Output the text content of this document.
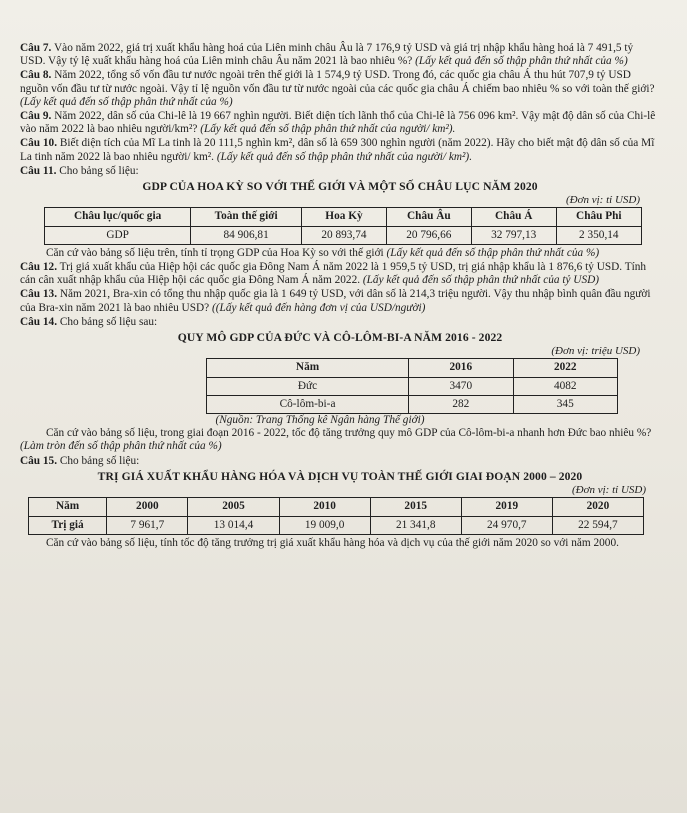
Câu 7. Vào năm 2022, giá trị xuất khẩu hàng hoá của Liên minh châu Âu là 7 176,9 tỷ USD và giá trị nhập khẩu hàng hoá là 7 491,5 tỷ USD. Vậy tỷ lệ xuất khẩu hàng hoá của Liên minh châu Âu năm 2021 là bao nhiêu %? (Lấy kết quả đến số thập phân thứ nhất của %)

Câu 8. Năm 2022, tổng số vốn đầu tư nước ngoài trên thế giới là 1 574,9 tỷ USD. Trong đó, các quốc gia châu Á thu hút 707,9 tỷ USD nguồn vốn đầu tư từ nước ngoài. Vậy tỉ lệ nguồn vốn đầu tư từ nước ngoài của các quốc gia châu Á chiếm bao nhiêu % so với toàn thế giới?
(Lấy kết quả đến số thập phân thứ nhất của %)

Câu 9. Năm 2022, dân số của Chi-lê là 19 667 nghìn người. Biết diện tích lãnh thổ của Chi-lê là 756 096 km². Vậy mật độ dân số của Chi-lê vào năm 2022 là bao nhiêu người/km²? (Lấy kết quả đến số thập phân thứ nhất của người/ km²).

Câu 10. Biết diện tích của Mĩ La tinh là 20 111,5 nghìn km², dân số là 659 300 nghìn người (năm 2022). Hãy cho biết mật độ dân số của Mĩ La tinh năm 2022 là bao nhiêu người/ km². (Lấy kết quả đến số thập phân thứ nhất của người/ km²).

Câu 11. Cho bảng số liệu:

GDP CỦA HOA KỲ SO VỚI THẾ GIỚI VÀ MỘT SỐ CHÂU LỤC NĂM 2020
(Đơn vị: tỉ USD)
Châu lục/quốc gia	Toàn thế giới	Hoa Kỳ	Châu Âu	Châu Á	Châu Phi
GDP	84 906,81	20 893,74	20 796,66	32 797,13	2 350,14

Căn cứ vào bảng số liệu trên, tính tỉ trọng GDP của Hoa Kỳ so với thế giới (Lấy kết quả đến số thập phân thứ nhất của %)

Câu 12. Trị giá xuất khẩu của Hiệp hội các quốc gia Đông Nam Á năm 2022 là 1 959,5 tỷ USD, trị giá nhập khẩu là 1 876,6 tỷ USD. Tính cán cân xuất nhập khẩu của Hiệp hội các quốc gia Đông Nam Á năm 2022. (Lấy kết quả đến số thập phân thứ nhất của tỷ USD)

Câu 13. Năm 2021, Bra-xin có tổng thu nhập quốc gia là 1 649 tỷ USD, với dân số là 214,3 triệu người. Vậy thu nhập bình quân đầu người của Bra-xin năm 2021 là bao nhiêu USD? ((Lấy kết quả đến hàng đơn vị của USD/người)

Câu 14. Cho bảng số liệu sau:

QUY MÔ GDP CỦA ĐỨC VÀ CÔ-LÔM-BI-A NĂM 2016 - 2022
(Đơn vị: triệu USD)
Năm	2016	2022
Đức	3470	4082
Cô-lôm-bi-a	282	345
(Nguồn: Trang Thống kê Ngân hàng Thế giới)

Căn cứ vào bảng số liệu, trong giai đoạn 2016 - 2022, tốc độ tăng trưởng quy mô GDP của Cô-lôm-bi-a nhanh hơn Đức bao nhiêu %? (Làm tròn đến số thập phân thứ nhất của %)

Câu 15. Cho bảng số liệu:

TRỊ GIÁ XUẤT KHẨU HÀNG HÓA VÀ DỊCH VỤ TOÀN THẾ GIỚI GIAI ĐOẠN 2000 – 2020
(Đơn vị: tỉ USD)
Năm	2000	2005	2010	2015	2019	2020
Trị giá	7 961,7	13 014,4	19 009,0	21 341,8	24 970,7	22 594,7

Căn cứ vào bảng số liệu, tính tốc độ tăng trưởng trị giá xuất khẩu hàng hóa và dịch vụ của thế giới năm 2020 so với năm 2000.
